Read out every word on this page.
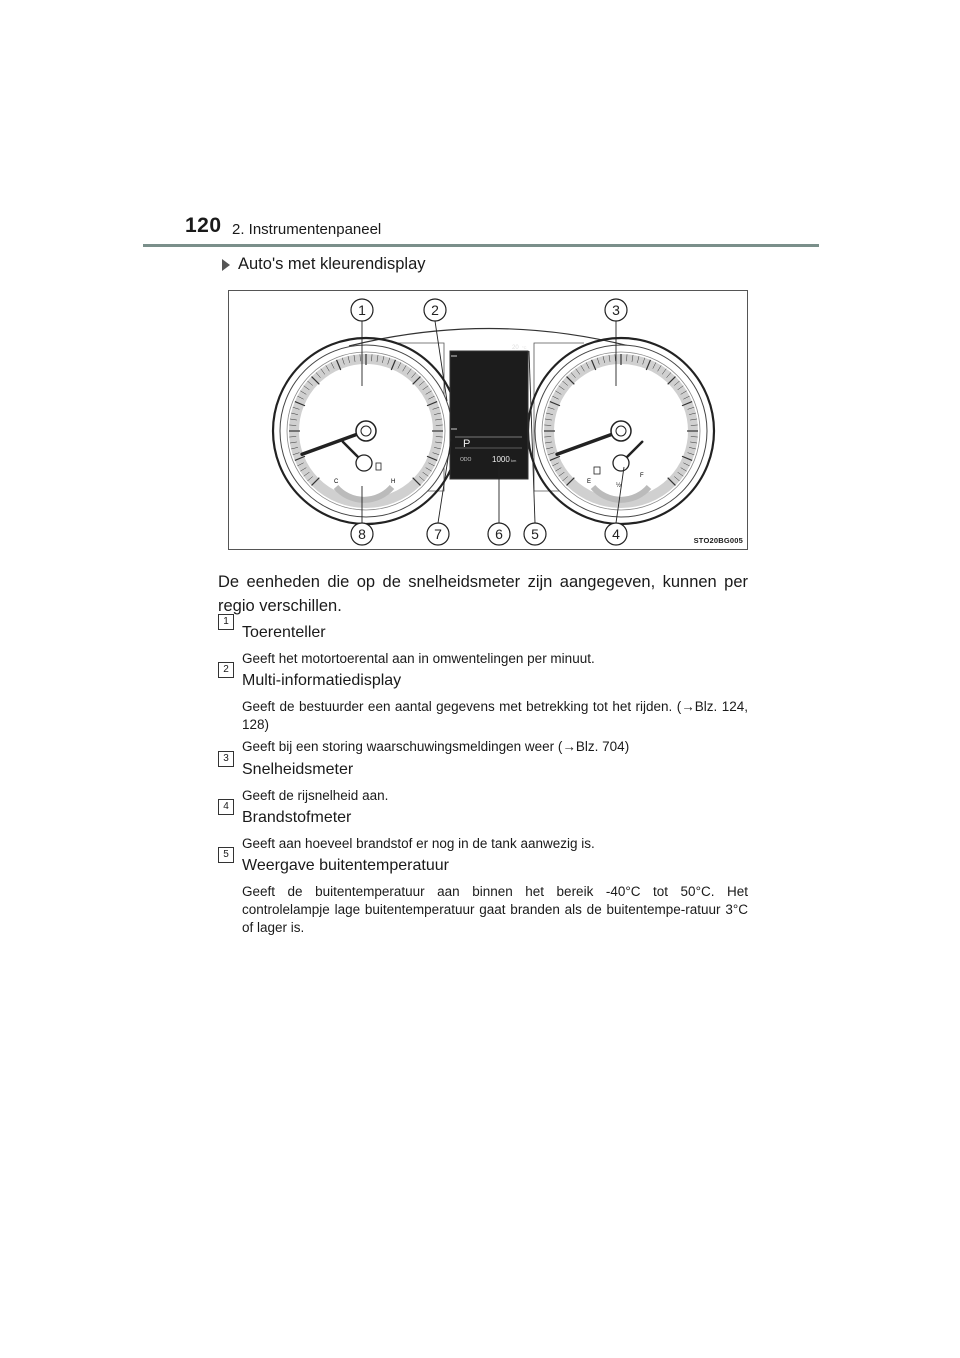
120 2. Instrumentenpaneel
Auto's met kleurendisplay
20 °C
P
ODO	1000 km
C	H	E
½
F
1	2	3
4
5
6
7
8	STO20BG005
De eenheden die op de snelheidsmeter zijn aangegeven, kunnen per regio verschillen.
1
Toerenteller

Geeft het motortoerental aan in omwentelingen per minuut.

2
Multi-informatiedisplay

Geeft de bestuurder een aantal gegevens met betrekking tot het rijden. (→Blz. 124, 128)

Geeft bij een storing waarschuwingsmeldingen weer (→Blz. 704)

3
Snelheidsmeter

Geeft de rijsnelheid aan.

4
Brandstofmeter

Geeft aan hoeveel brandstof er nog in de tank aanwezig is.

5
Weergave buitentemperatuur

Geeft de buitentemperatuur aan binnen het bereik -40°C tot 50°C. Het controlelampje lage buitentemperatuur gaat branden als de buitentempe-ratuur 3°C of lager is.
